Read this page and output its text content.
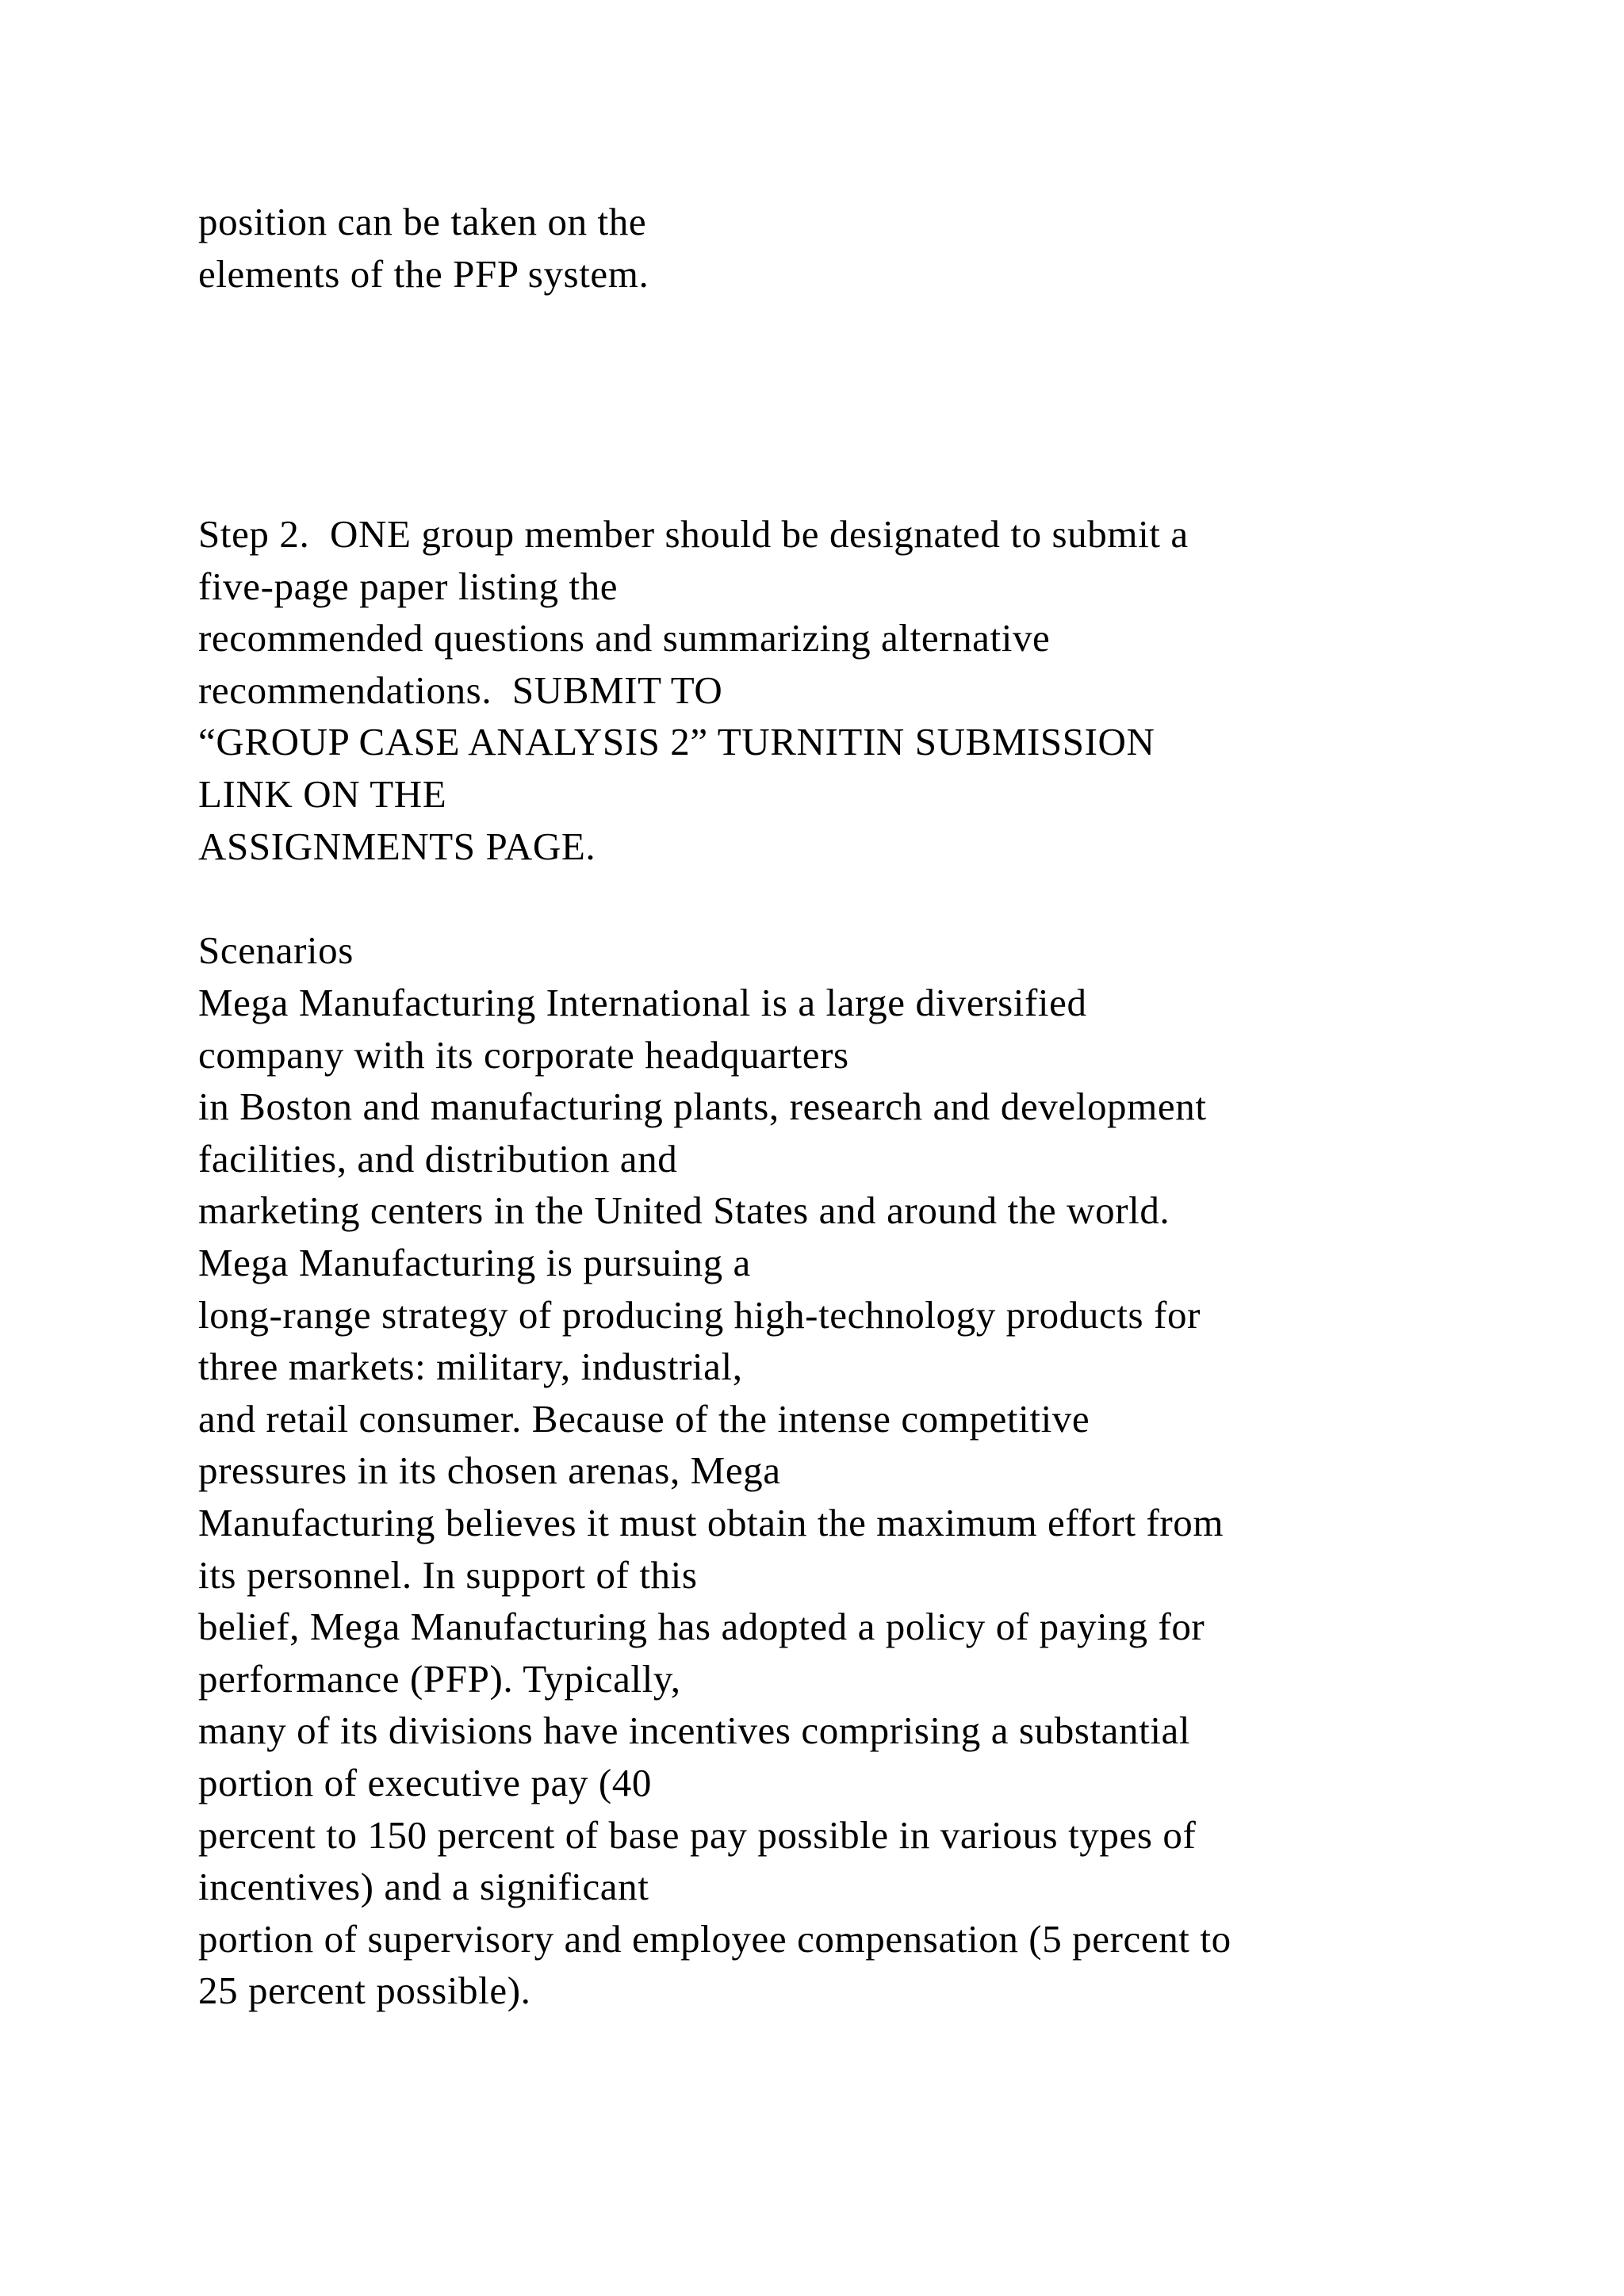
position can be taken on the
elements of the PFP system.
Step 2.  ONE group member should be designated to submit a
five-page paper listing the
recommended questions and summarizing alternative
recommendations.  SUBMIT TO
“GROUP CASE ANALYSIS 2” TURNITIN SUBMISSION
LINK ON THE
ASSIGNMENTS PAGE.
Scenarios
Mega Manufacturing International is a large diversified
company with its corporate headquarters
in Boston and manufacturing plants, research and development
facilities, and distribution and
marketing centers in the United States and around the world.
Mega Manufacturing is pursuing a
long-range strategy of producing high-technology products for
three markets: military, industrial,
and retail consumer. Because of the intense competitive
pressures in its chosen arenas, Mega
Manufacturing believes it must obtain the maximum effort from
its personnel. In support of this
belief, Mega Manufacturing has adopted a policy of paying for
performance (PFP). Typically,
many of its divisions have incentives comprising a substantial
portion of executive pay (40
percent to 150 percent of base pay possible in various types of
incentives) and a significant
portion of supervisory and employee compensation (5 percent to
25 percent possible).
